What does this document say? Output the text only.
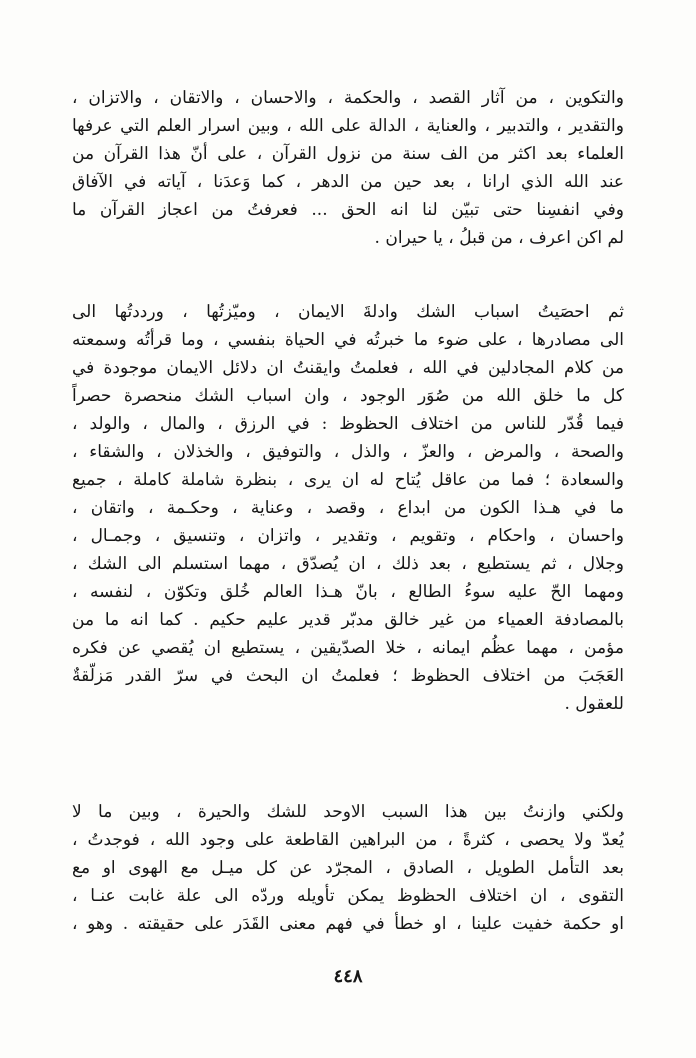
والتكوين ، من آثار القصد ، والحكمة ، والاحسان ، والاتقان ، والاتزان ،
والتقدير ، والتدبير ، والعناية ، الدالة على الله ، وبين اسرار العلم التي عرفها
العلماء بعد اكثر من الف سنة من نزول القرآن ، على أنّ هذا القرآن من
عند الله الذي ارانا ، بعد حين من الدهر ، كما وَعدَنا ، آياته في الآفاق
وفي انفسِنا حتى تبيّن لنا انه الحق ... فعرفتُ من اعجاز القرآن ما
لم اكن اعرف ، من قبلُ ، يا حيران .
ثم احصَيتُ اسباب الشك وادلةَ الايمان ، وميّزتُها ، ورددتُها الى
الى مصادرها ، على ضوء ما خبرتُه في الحياة بنفسي ، وما قرأتُه وسمعته
من كلام المجادلين في الله ، فعلمتُ وايقنتُ ان دلائل الايمان موجودة في
كل ما خلق الله من صُوَر الوجود ، وان اسباب الشك منحصرة حصراً
فيما قُدّر للناس من اختلاف الحظوظ : في الرزق ، والمال ، والولد ،
والصحة ، والمرض ، والعزّ ، والذل ، والتوفيق ، والخذلان ، والشقاء ،
والسعادة ؛ فما من عاقل يُتاح له ان يرى ، بنظرة شاملة كاملة ، جميع
ما في هـذا الكون من ابداع ، وقصد ، وعناية ، وحكـمة ، واتقان ،
واحسان ، واحكام ، وتقويم ، وتقدير ، واتزان ، وتنسيق ، وجمـال ،
وجلال ، ثم يستطيع ، بعد ذلك ، ان يُصدّق ، مهما استسلم الى الشك ،
ومهما الحّ عليه سوءُ الطالع ، بانّ هـذا العالم خُلق وتكوّن ، لنفسه ،
بالمصادفة العمياء من غير خالق مدبّر قدير عليم حكيم . كما انه ما من
مؤمن ، مهما عظُم ايمانه ، خلا الصدّيقين ، يستطيع ان يُقصي عن فكره
العَجَبَ من اختلاف الحظوظ ؛ فعلمتُ ان البحث في سرّ القدر مَزلّقةٌ
للعقول .
ولكني وازنتُ بين هذا السبب الاوحد للشك والحيرة ، وبين ما لا
يُعدّ ولا يحصى ، كثرةً ، من البراهين القاطعة على وجود الله ، فوجدتُ ،
بعد التأمل الطويل ، الصادق ، المجرّد عن كل ميـل مع الهوى او مع
التقوى ، ان اختلاف الحظوظ يمكن تأويله وردّه الى علة غابت عنـا ،
او حكمة خفيت علينا ، او خطأ في فهم معنى القَدَر على حقيقته . وهو ،
٤٤٨
